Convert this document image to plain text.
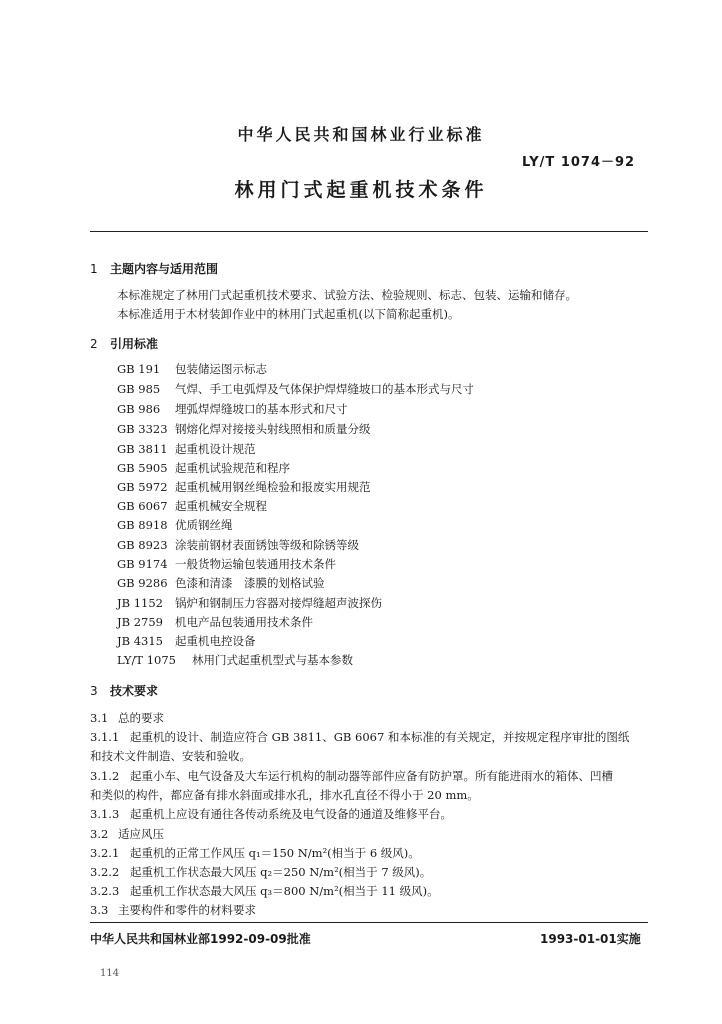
中华人民共和国林业行业标准
LY/T 1074－92
林用门式起重机技术条件
1 主题内容与适用范围
本标准规定了林用门式起重机技术要求、试验方法、检验规则、标志、包装、运输和储存。
本标准适用于木材装卸作业中的林用门式起重机(以下简称起重机)。
2 引用标准
GB 191 包装储运图示标志
GB 985 气焊、手工电弧焊及气体保护焊焊缝坡口的基本形式与尺寸
GB 986 埋弧焊焊缝坡口的基本形式和尺寸
GB 3323 钢熔化焊对接接头射线照相和质量分级
GB 3811 起重机设计规范
GB 5905 起重机试验规范和程序
GB 5972 起重机械用钢丝绳检验和报废实用规范
GB 6067 起重机械安全规程
GB 8918 优质钢丝绳
GB 8923 涂装前钢材表面锈蚀等级和除锈等级
GB 9174 一般货物运输包装通用技术条件
GB 9286 色漆和清漆　漆膜的划格试验
JB 1152 锅炉和钢制压力容器对接焊缝超声波探伤
JB 2759 机电产品包装通用技术条件
JB 4315 起重机电控设备
LY/T 1075 林用门式起重机型式与基本参数
3 技术要求
3.1 总的要求
3.1.1 起重机的设计、制造应符合 GB 3811、GB 6067 和本标准的有关规定，并按规定程序审批的图纸
和技术文件制造、安装和验收。
3.1.2 起重小车、电气设备及大车运行机构的制动器等部件应备有防护罩。所有能进雨水的箱体、凹槽
和类似的构件，都应备有排水斜面或排水孔，排水孔直径不得小于 20 mm。
3.1.3 起重机上应设有通往各传动系统及电气设备的通道及维修平台。
3.2 适应风压
3.2.1 起重机的正常工作风压 q₁＝150 N/m²(相当于 6 级风)。
3.2.2 起重机工作状态最大风压 q₂＝250 N/m²(相当于 7 级风)。
3.2.3 起重机工作状态最大风压 q₃＝800 N/m²(相当于 11 级风)。
3.3 主要构件和零件的材料要求
中华人民共和国林业部1992-09-09批准	1993-01-01实施
114
